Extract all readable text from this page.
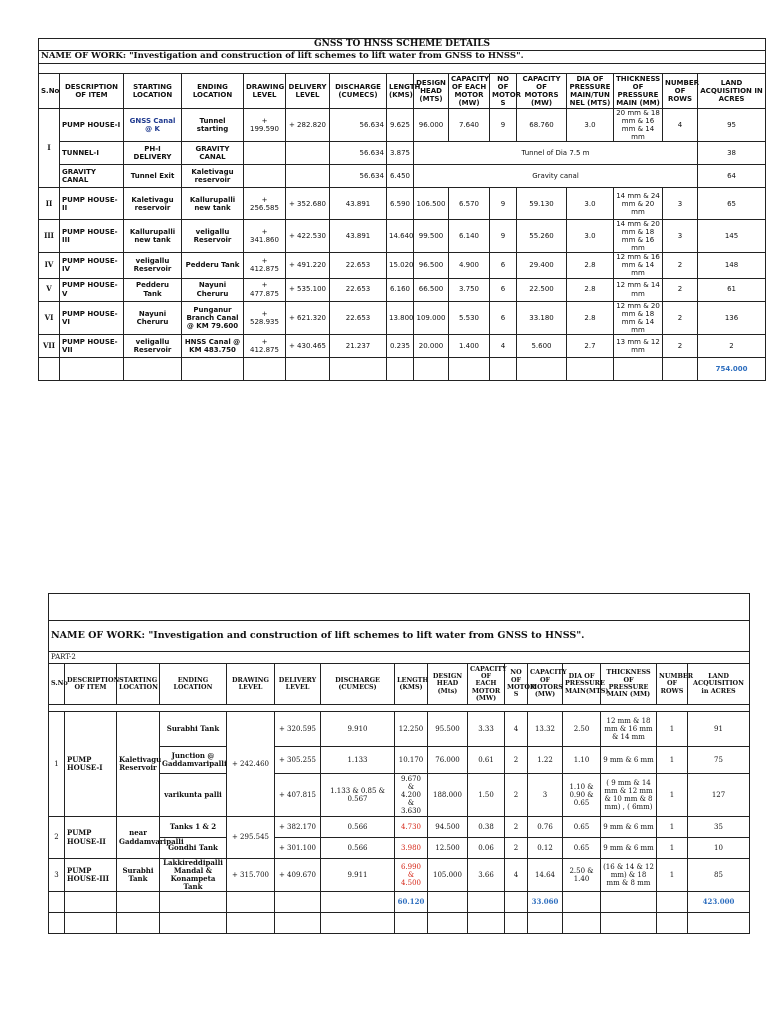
GNSS TO HNSS SCHEME DETAILS															
NAME OF WORK: "Investigation and construction of lift schemes to lift water from GNSS to HNSS".															

S.No	DESCRIPTION OF ITEM	STARTING LOCATION	ENDING LOCATION	DRAWING LEVEL	DELIVERY LEVEL	DISCHARGE (CUMECS)	LENGTH (KMS)	DESIGN HEAD (MTS)	CAPACITY OF EACH MOTOR (MW)	NO OF MOTOR S	CAPACITY OF MOTORS (MW)	DIA OF PRESSURE MAIN/TUN NEL (MTS)	THICKNESS OF PRESSURE MAIN (MM)	NUMBER OF ROWS	LAND ACQUISITION IN ACRES
I	PUMP HOUSE-I	GNSS Canal @ K	Tunnel starting	+ 199.590	+ 282.820	56.634	9.625	96.000	7.640	9	68.760	3.0	20 mm & 18 mm & 16 mm & 14 mm	4	95
	TUNNEL-I	PH-I DELIVERY	GRAVITY CANAL			56.634	3.875	Tunnel of Dia 7.5 m							38
	GRAVITY CANAL	Tunnel Exit	Kaletivagu reservoir			56.634	6.450	Gravity canal							64
II	PUMP HOUSE-II	Kaletivagu reservoir	Kallurupalli new tank	+ 256.585	+ 352.680	43.891	6.590	106.500	6.570	9	59.130	3.0	14 mm & 24 mm & 20 mm	3	65
III	PUMP HOUSE-III	Kallurupalli new tank	veligallu Reservoir	+ 341.860	+ 422.530	43.891	14.640	99.500	6.140	9	55.260	3.0	14 mm & 20 mm & 18 mm & 16 mm	3	145
IV	PUMP HOUSE-IV	veligallu Reservoir	Pedderu Tank	+ 412.875	+ 491.220	22.653	15.020	96.500	4.900	6	29.400	2.8	12 mm & 16 mm & 14 mm	2	148
V	PUMP HOUSE-V	Pedderu Tank	Nayuni Cheruru	+ 477.875	+ 535.100	22.653	6.160	66.500	3.750	6	22.500	2.8	12 mm & 14 mm	2	61
VI	PUMP HOUSE-VI	Nayuni Cheruru	Punganur Branch Canal @ KM 79.600	+ 528.935	+ 621.320	22.653	13.800	109.000	5.530	6	33.180	2.8	12 mm & 20 mm & 18 mm & 14 mm	2	136
VII	PUMP HOUSE-VII	veligallu Reservoir	HNSS Canal @ KM 483.750	+ 412.875	+ 430.465	21.237	0.235	20.000	1.400	4	5.600	2.7	13 mm & 12 mm	2	2
															754.000

NAME OF WORK: "Investigation and construction of lift schemes to lift water from GNSS to HNSS".															
PART-2															
S.No	DESCRIPTION OF ITEM	STARTING LOCATION	ENDING LOCATION	DRAWING LEVEL	DELIVERY LEVEL	DISCHARGE (CUMECS)	LENGTH (KMS)	DESIGN HEAD (Mts)	CAPACITY OF EACH MOTOR (MW)	NO OF MOTOR S	CAPACITY OF MOTORS (MW)	DIA OF PRESSURE MAIN(MTS)	THICKNESS OF PRESSURE MAIN (MM)	NUMBER OF ROWS	LAND ACQUISITION in ACRES

1	PUMP HOUSE-I	Kaletivagu Reservoir	Surabhi Tank	+ 242.460	+ 320.595	9.910	12.250	95.500	3.33	4	13.32	2.50	12 mm & 18 mm & 16 mm & 14 mm	1	91
			Junction @ Gaddamvaripalli		+ 305.255	1.133	10.170	76.000	0.61	2	1.22	1.10	9 mm & 6 mm	1	75
			varikunta palli		+ 407.815	1.133 & 0.85 & 0.567	9.670 & 4.200 & 3.630	188.000	1.50	2	3	1.10 & 0.90 & 0.65	( 9 mm & 14 mm & 12 mm & 10 mm & 8 mm) , ( 6mm)	1	127
2	PUMP HOUSE-II	near Gaddamvaripalli	Tanks 1 & 2	+ 295.545	+ 382.170	0.566	4.730	94.500	0.38	2	0.76	0.65	9 mm & 6 mm	1	35
			Gondhi Tank		+ 301.100	0.566	3.980	12.500	0.06	2	0.12	0.65	9 mm & 6 mm	1	10
3	PUMP HOUSE-III	Surabhi Tank	Lakkireddipalli Mandal & Konampeta Tank	+ 315.700	+ 409.670	9.911	6.990 & 4.500	105.000	3.66	4	14.64	2.50 & 1.40	(16 & 14 & 12 mm) & 18 mm & 8 mm	1	85
							60.120				33.060				423.000
